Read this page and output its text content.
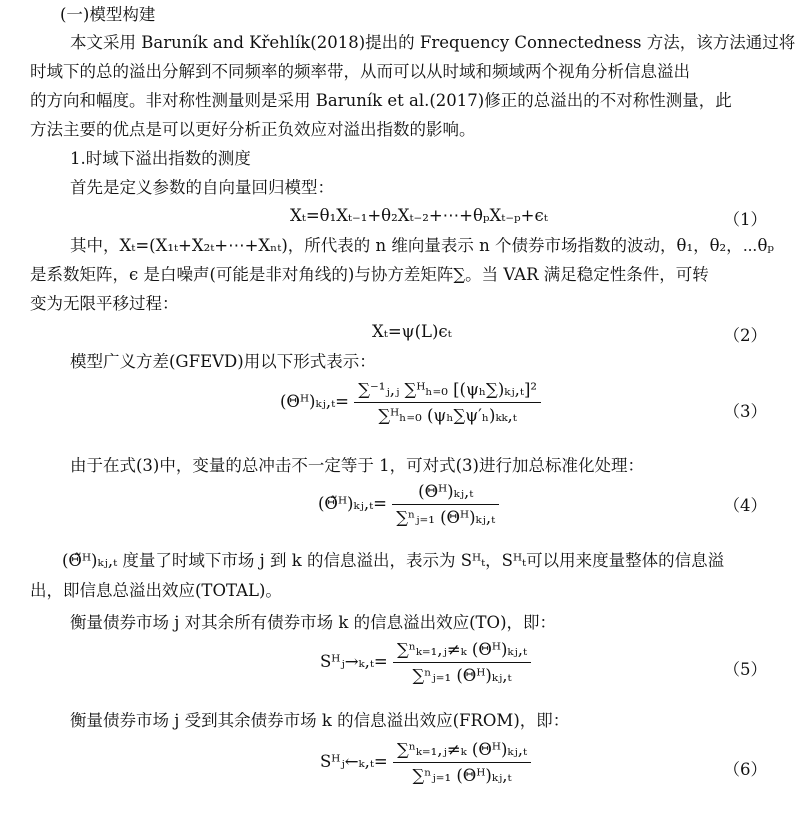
(一)模型构建
本文采用 Baruník and Křehlík(2018)提出的 Frequency Connectedness 方法，该方法通过将
时域下的总的溢出分解到不同频率的频率带，从而可以从时域和频域两个视角分析信息溢出
的方向和幅度。非对称性测量则是采用 Baruník et al.(2017)修正的总溢出的不对称性测量，此
方法主要的优点是可以更好分析正负效应对溢出指数的影响。
1.时域下溢出指数的测度
首先是定义参数的自向量回归模型：
Xₜ=θ₁Xₜ₋₁+θ₂Xₜ₋₂+⋯+θₚXₜ₋ₚ+ϵₜ	（1）
其中，Xₜ=(X₁ₜ+X₂ₜ+⋯+Xₙₜ)，所代表的 n 维向量表示 n 个债券市场指数的波动，θ₁，θ₂，⋯θₚ
是系数矩阵，ϵ 是白噪声(可能是非对角线的)与协方差矩阵∑。当 VAR 满足稳定性条件，可转
变为无限平移过程：
Xₜ=ψ(L)ϵₜ	（2）
模型广义方差(GFEVD)用以下形式表示：
(Θᴴ)ₖⱼ,ₜ= $\frac{\text{∑⁻¹ⱼ,ⱼ ∑ᴴₕ₌₀ [(ψₕ∑)ₖⱼ,ₜ]²}}{\text{∑ᴴₕ₌₀ (ψₕ∑ψ′ₕ)ₖₖ,ₜ}}$	（3）
由于在式(3)中，变量的总冲击不一定等于 1，可对式(3)进行加总标准化处理：
(Θ̃ᴴ)ₖⱼ,ₜ= $\frac{\text{(Θᴴ)ₖⱼ,ₜ}}{\text{∑ⁿⱼ₌₁ (Θᴴ)ₖⱼ,ₜ}}$	（4）
(Θ̃ᴴ)ₖⱼ,ₜ 度量了时域下市场 j 到 k 的信息溢出，表示为 Sᴴₜ，Sᴴₜ可以用来度量整体的信息溢
出，即信息总溢出效应(TOTAL)。
衡量债券市场 j 对其余所有债券市场 k 的信息溢出效应(TO)，即：
Sᴴⱼ→ₖ,ₜ= $\frac{\text{∑ⁿₖ₌₁,ⱼ≠ₖ (Θᴴ)ₖⱼ,ₜ}}{\text{∑ⁿⱼ₌₁ (Θᴴ)ₖⱼ,ₜ}}$	（5）
衡量债券市场 j 受到其余债券市场 k 的信息溢出效应(FROM)，即：
Sᴴⱼ←ₖ,ₜ= $\frac{\text{∑ⁿₖ₌₁,ⱼ≠ₖ (Θᴴ)ₖⱼ,ₜ}}{\text{∑ⁿⱼ₌₁ (Θᴴ)ₖⱼ,ₜ}}$	（6）
